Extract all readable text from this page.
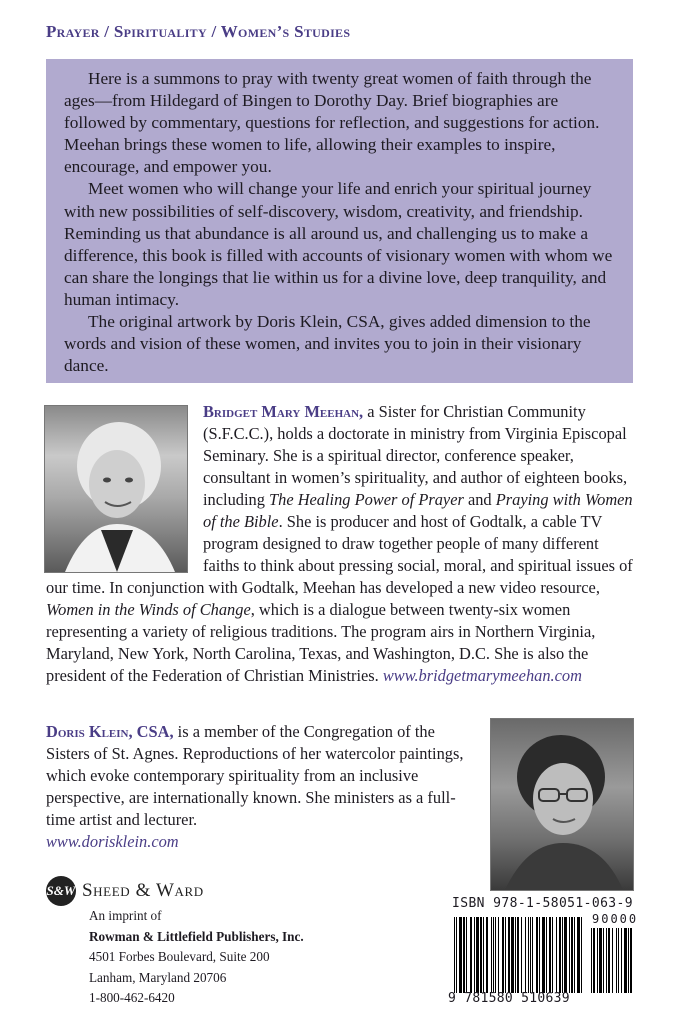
Prayer / Spirituality / Women’s Studies

Here is a summons to pray with twenty great women of faith through the ages—from Hildegard of Bingen to Dorothy Day. Brief biographies are followed by commentary, questions for reflection, and suggestions for action. Meehan brings these women to life, allowing their examples to inspire, encourage, and empower you.

Meet women who will change your life and enrich your spiritual journey with new possibilities of self-discovery, wisdom, creativity, and friendship. Reminding us that abundance is all around us, and challenging us to make a difference, this book is filled with accounts of visionary women with whom we can share the longings that lie within us for a divine love, deep tranquility, and human intimacy.

The original artwork by Doris Klein, CSA, gives added dimension to the words and vision of these women, and invites you to join in their visionary dance.

Bridget Mary Meehan, a Sister for Christian Community (S.F.C.C.), holds a doctorate in ministry from Virginia Episcopal Seminary. She is a spiritual director, conference speaker, consultant in women’s spirituality, and author of eighteen books, including The Healing Power of Prayer and Praying with Women of the Bible. She is producer and host of Godtalk, a cable TV program designed to draw together people of many different faiths to think about pressing social, moral, and spiritual issues of our time. In conjunction with Godtalk, Meehan has developed a new video resource, Women in the Winds of Change, which is a dialogue between twenty-six women representing a variety of religious traditions. The program airs in Northern Virginia, Maryland, New York, North Carolina, Texas, and Washington, D.C. She is also the president of the Federation of Christian Ministries. www.bridgetmarymeehan.com

Doris Klein, CSA, is a member of the Congregation of the Sisters of St. Agnes. Reproductions of her watercolor paintings, which evoke contemporary spirituality from an inclusive perspective, are internationally known. She ministers as a full-time artist and lecturer.
www.dorisklein.com

S&W Sheed & Ward
An imprint of
Rowman & Littlefield Publishers, Inc.
4501 Forbes Boulevard, Suite 200
Lanham, Maryland 20706
1-800-462-6420
ISBN 978-1-58051-063-9
90000
9 781580 510639
